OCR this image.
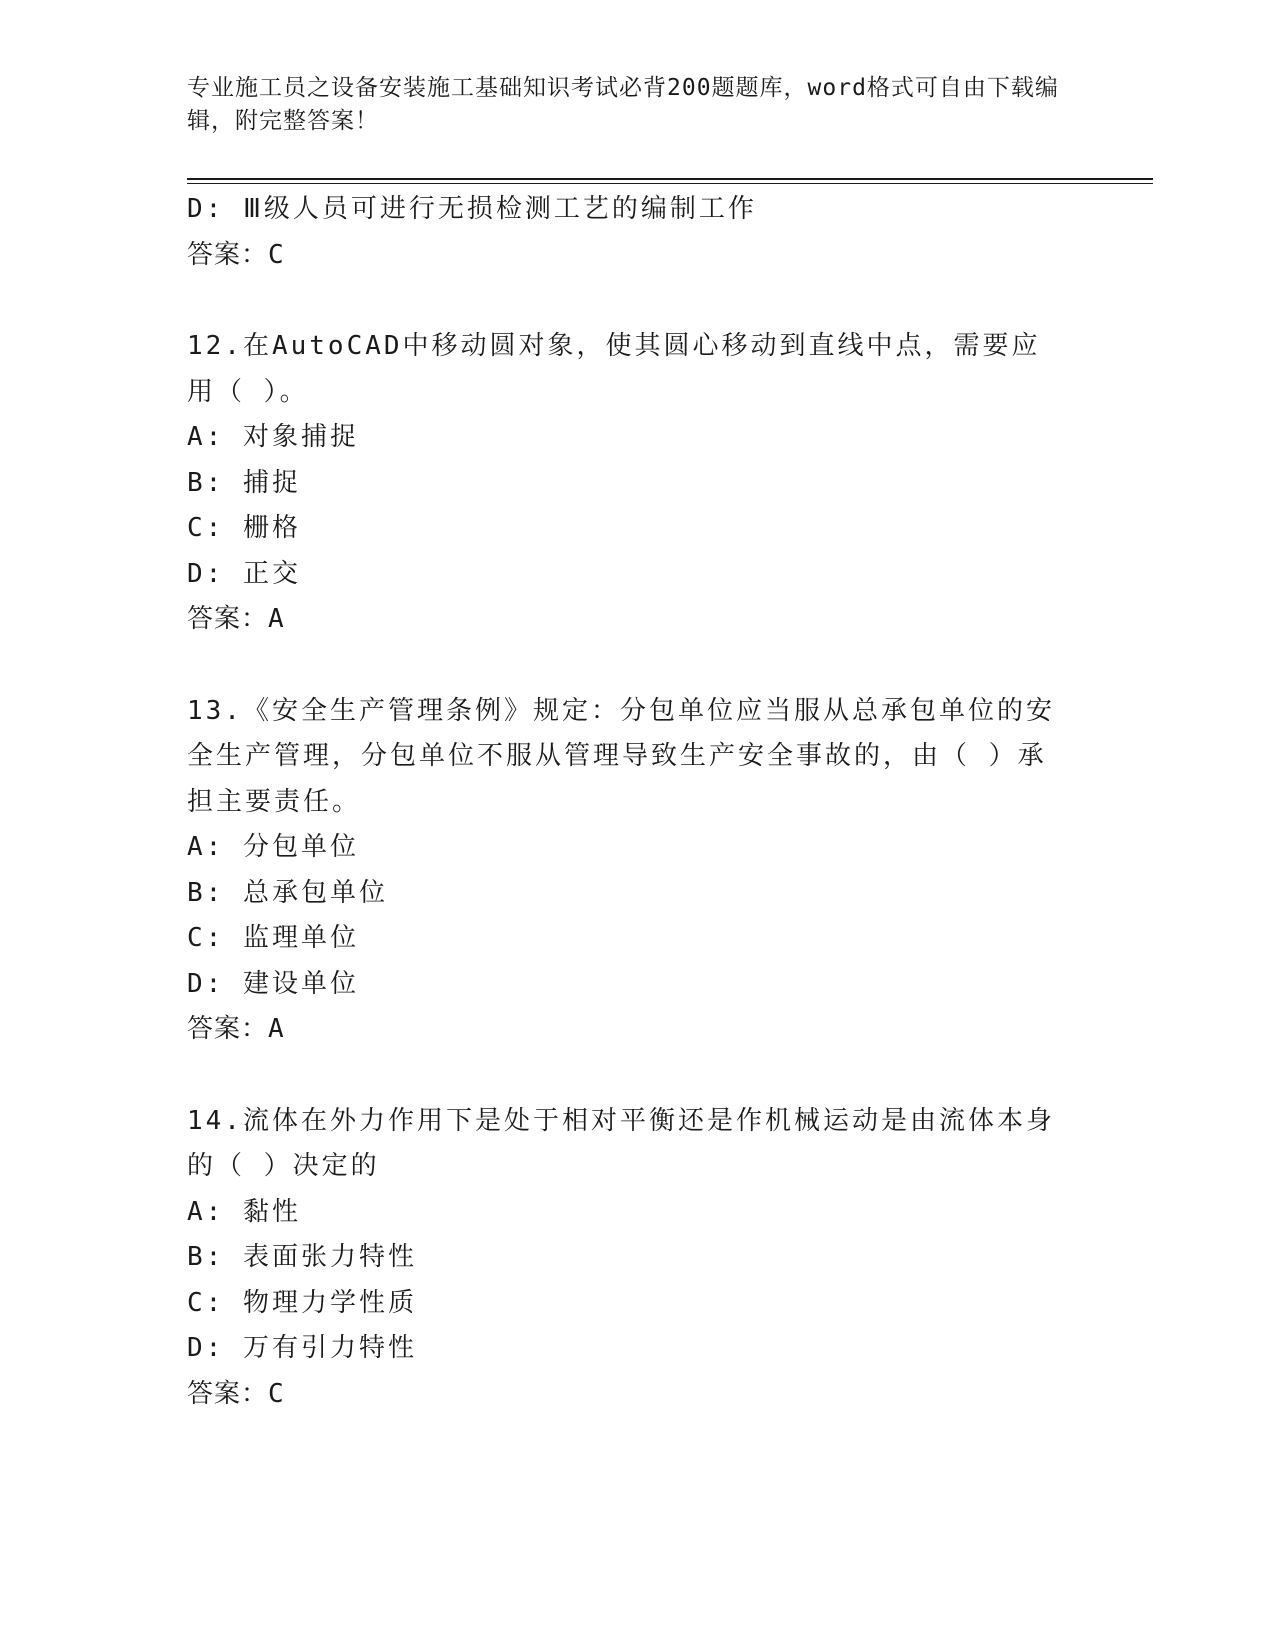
专业施工员之设备安装施工基础知识考试必背200题题库，word格式可自由下载编辑，附完整答案！
D: Ⅲ级人员可进行无损检测工艺的编制工作
答案：C
12.在AutoCAD中移动圆对象，使其圆心移动到直线中点，需要应用（ ）。
A: 对象捕捉
B: 捕捉
C: 栅格
D: 正交
答案：A
13.《安全生产管理条例》规定：分包单位应当服从总承包单位的安全生产管理，分包单位不服从管理导致生产安全事故的，由（ ）承担主要责任。
A: 分包单位
B: 总承包单位
C: 监理单位
D: 建设单位
答案：A
14.流体在外力作用下是处于相对平衡还是作机械运动是由流体本身的（ ）决定的
A: 黏性
B: 表面张力特性
C: 物理力学性质
D: 万有引力特性
答案：C
